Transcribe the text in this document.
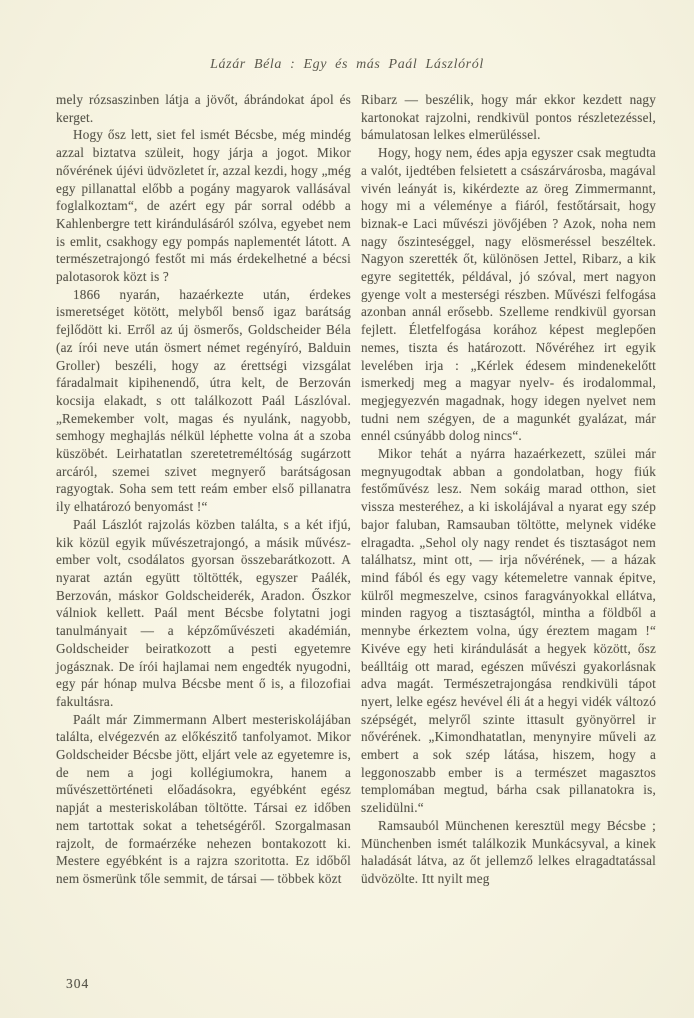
Lázár Béla : Egy és más Paál Lászlóról

mely rózsaszinben látja a jövőt, ábrándokat ápol és kerget.

Hogy ősz lett, siet fel ismét Bécsbe, még mindég azzal biztatva szüleit, hogy járja a jogot. Mikor nővérének újévi üdvözletet ír, azzal kezdi, hogy „még egy pillanattal előbb a pogány magyarok vallásával foglalkoztam“, de azért egy pár sorral odébb a Kahlenbergre tett kirándulásáról szólva, egyebet nem is emlit, csakhogy egy pompás naplementét látott. A természetrajongó festőt mi más érdekelhetné a bécsi palotasorok közt is ?

1866 nyarán, hazaérkezte után, érdekes ismeretséget kötött, melyből benső igaz barátság fejlődött ki. Erről az új ösmerős, Goldscheider Béla (az írói neve után ösmert német regényíró, Balduin Groller) beszéli, hogy az érettségi vizsgálat fáradalmait kipihenendő, útra kelt, de Berzován kocsija elakadt, s ott találkozott Paál Lászlóval. „Remekember volt, magas és nyulánk, nagyobb, semhogy meghajlás nélkül léphette volna át a szoba küszöbét. Leirhatatlan szeretetreméltóság sugárzott arcáról, szemei szivet megnyerő barátságosan ragyogtak. Soha sem tett reám ember első pillanatra ily elhatározó benyomást !“

Paál Lászlót rajzolás közben találta, s a két ifjú, kik közül egyik művészetrajongó, a másik művész-ember volt, csodálatos gyorsan összebarátkozott. A nyarat aztán együtt töltötték, egyszer Paálék, Berzován, máskor Goldscheiderék, Aradon. Őszkor válniok kellett. Paál ment Bécsbe folytatni jogi tanulmányait — a képzőművészeti akadémián, Goldscheider beiratkozott a pesti egyetemre jogásznak. De írói hajlamai nem engedték nyugodni, egy pár hónap mulva Bécsbe ment ő is, a filozofiai fakultásra.

Paált már Zimmermann Albert mesteriskolájában találta, elvégezvén az előkészitő tanfolyamot. Mikor Goldscheider Bécsbe jött, eljárt vele az egyetemre is, de nem a jogi kollégiumokra, hanem a művészettörténeti előadásokra, egyébként egész napját a mesteriskolában töltötte. Társai ez időben nem tartottak sokat a tehetségéről. Szorgalmasan rajzolt, de formaérzéke nehezen bontakozott ki. Mestere egyébként is a rajzra szoritotta. Ez időből nem ösmerünk tőle semmit, de társai — többek közt

Ribarz — beszélik, hogy már ekkor kezdett nagy kartonokat rajzolni, rendkivül pontos részletezéssel, bámulatosan lelkes elmerüléssel.

Hogy, hogy nem, édes apja egyszer csak megtudta a valót, ijedtében felsietett a császárvárosba, magával vivén leányát is, kikérdezte az öreg Zimmermannt, hogy mi a véleménye a fiáról, festőtársait, hogy biznak-e Laci művészi jövőjében ? Azok, noha nem nagy őszinteséggel, nagy elösmeréssel beszéltek. Nagyon szerették őt, különösen Jettel, Ribarz, a kik egyre segitették, példával, jó szóval, mert nagyon gyenge volt a mesterségi részben. Művészi felfogása azonban annál erősebb. Szelleme rendkivül gyorsan fejlett. Életfelfogása korához képest meglepően nemes, tiszta és határozott. Nővéréhez irt egyik levelében irja : „Kérlek édesem mindenekelőtt ismerkedj meg a magyar nyelv- és irodalommal, megjegyezvén magadnak, hogy idegen nyelvet nem tudni nem szégyen, de a magunkét gyalázat, már ennél csúnyább dolog nincs“.

Mikor tehát a nyárra hazaérkezett, szülei már megnyugodtak abban a gondolatban, hogy fiúk festőművész lesz. Nem sokáig marad otthon, siet vissza mesteréhez, a ki iskolájával a nyarat egy szép bajor faluban, Ramsauban töltötte, melynek vidéke elragadta. „Sehol oly nagy rendet és tisztaságot nem találhatsz, mint ott, — irja nővérének, — a házak mind fából és egy vagy kétemeletre vannak épitve, külről megmeszelve, csinos faragványokkal ellátva, minden ragyog a tisztaságtól, mintha a földből a mennybe érkeztem volna, úgy éreztem magam !“ Kivéve egy heti kirándulását a hegyek között, ősz beálltáig ott marad, egészen művészi gyakorlásnak adva magát. Természetrajongása rendkivüli tápot nyert, lelke egész hevével éli át a hegyi vidék változó szépségét, melyről szinte ittasult gyönyörrel ir nővérének. „Kimondhatatlan, menynyire műveli az embert a sok szép látása, hiszem, hogy a leggonoszabb ember is a természet magasztos templomában megtud, bárha csak pillanatokra is, szelidülni.“

Ramsauból Münchenen keresztül megy Bécsbe ; Münchenben ismét találkozik Munkácsyval, a kinek haladását látva, az őt jellemző lelkes elragadtatással üdvözölte. Itt nyilt meg

304
